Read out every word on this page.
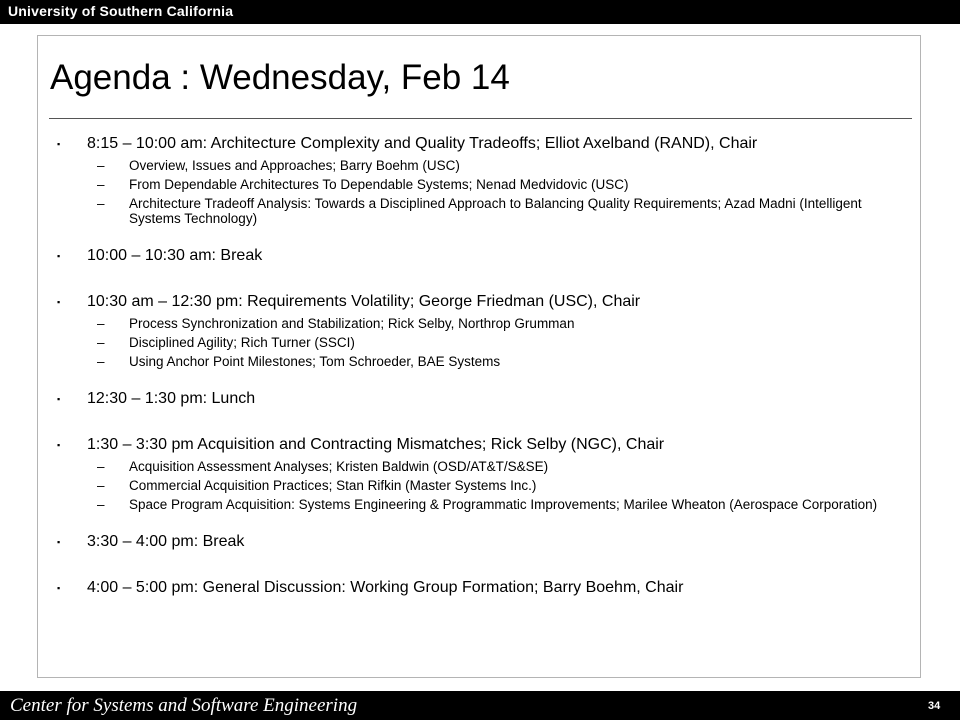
University of Southern California
Agenda : Wednesday, Feb 14
▪ 8:15 – 10:00 am: Architecture Complexity and Quality Tradeoffs; Elliot Axelband (RAND), Chair
– Overview, Issues and Approaches; Barry Boehm (USC)
– From Dependable Architectures To Dependable Systems; Nenad Medvidovic (USC)
– Architecture Tradeoff Analysis: Towards a Disciplined Approach to Balancing Quality Requirements; Azad Madni (Intelligent Systems Technology)
▪ 10:00 – 10:30 am: Break
▪ 10:30 am – 12:30 pm: Requirements Volatility; George Friedman (USC), Chair
– Process Synchronization and Stabilization; Rick Selby, Northrop Grumman
– Disciplined Agility; Rich Turner (SSCI)
– Using Anchor Point Milestones; Tom Schroeder, BAE Systems
▪ 12:30 – 1:30 pm: Lunch
▪ 1:30 – 3:30 pm Acquisition and Contracting Mismatches; Rick Selby (NGC), Chair
– Acquisition Assessment Analyses; Kristen Baldwin (OSD/AT&T/S&SE)
– Commercial Acquisition Practices; Stan Rifkin (Master Systems Inc.)
– Space Program Acquisition: Systems Engineering & Programmatic Improvements; Marilee Wheaton (Aerospace Corporation)
▪ 3:30 – 4:00 pm: Break
▪ 4:00 – 5:00 pm: General Discussion: Working Group Formation; Barry Boehm, Chair
Center for Systems and Software Engineering	34
